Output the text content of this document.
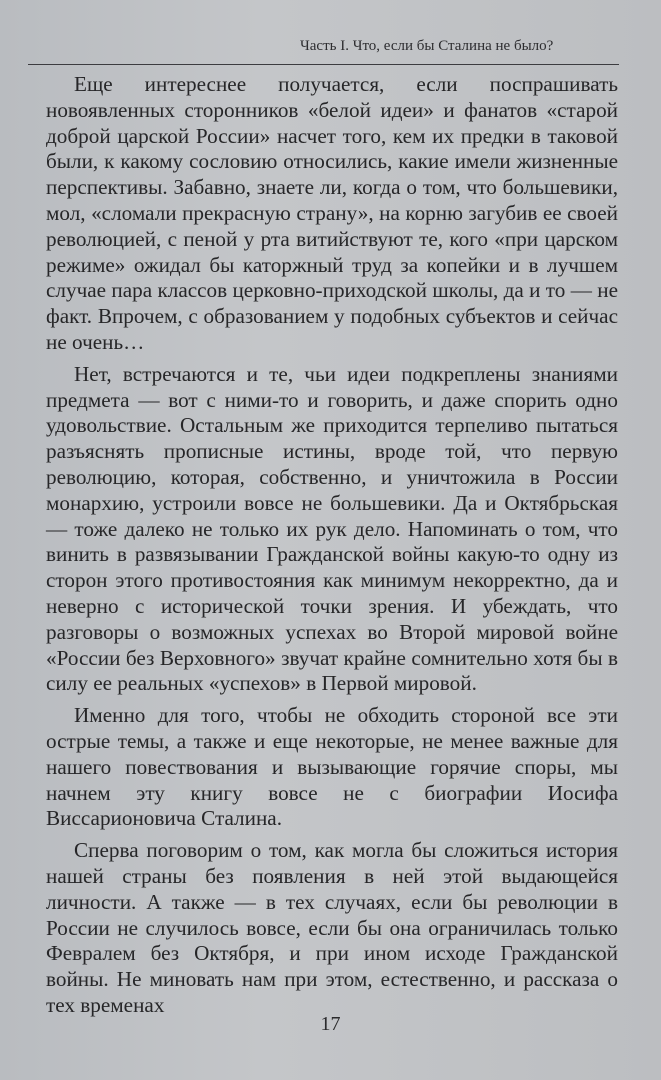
Часть I. Что, если бы Сталина не было?

Еще интереснее получается, если поспрашивать новоявленных сторонников «белой идеи» и фанатов «старой доброй царской России» насчет того, кем их предки в таковой были, к какому сословию относились, какие имели жизненные перспективы. Забавно, знаете ли, когда о том, что большевики, мол, «сломали прекрасную страну», на корню загубив ее своей революцией, с пеной у рта витийствуют те, кого «при царском режиме» ожидал бы каторжный труд за копейки и в лучшем случае пара классов церковно-приходской школы, да и то — не факт. Впрочем, с образованием у подобных субъектов и сейчас не очень…

Нет, встречаются и те, чьи идеи подкреплены знаниями предмета — вот с ними-то и говорить, и даже спорить одно удовольствие. Остальным же приходится терпеливо пытаться разъяснять прописные истины, вроде той, что первую революцию, которая, собственно, и уничтожила в России монархию, устроили вовсе не большевики. Да и Октябрьская — тоже далеко не только их рук дело. Напоминать о том, что винить в развязывании Гражданской войны какую-то одну из сторон этого противостояния как минимум некорректно, да и неверно с исторической точки зрения. И убеждать, что разговоры о возможных успехах во Второй мировой войне «России без Верховного» звучат крайне сомнительно хотя бы в силу ее реальных «успехов» в Первой мировой.

Именно для того, чтобы не обходить стороной все эти острые темы, а также и еще некоторые, не менее важные для нашего повествования и вызывающие горячие споры, мы начнем эту книгу вовсе не с биографии Иосифа Виссарионовича Сталина.

Сперва поговорим о том, как могла бы сложиться история нашей страны без появления в ней этой выдающейся личности. А также — в тех случаях, если бы революции в России не случилось вовсе, если бы она ограничилась только Февралем без Октября, и при ином исходе Гражданской войны. Не миновать нам при этом, естественно, и рассказа о тех временах

17
